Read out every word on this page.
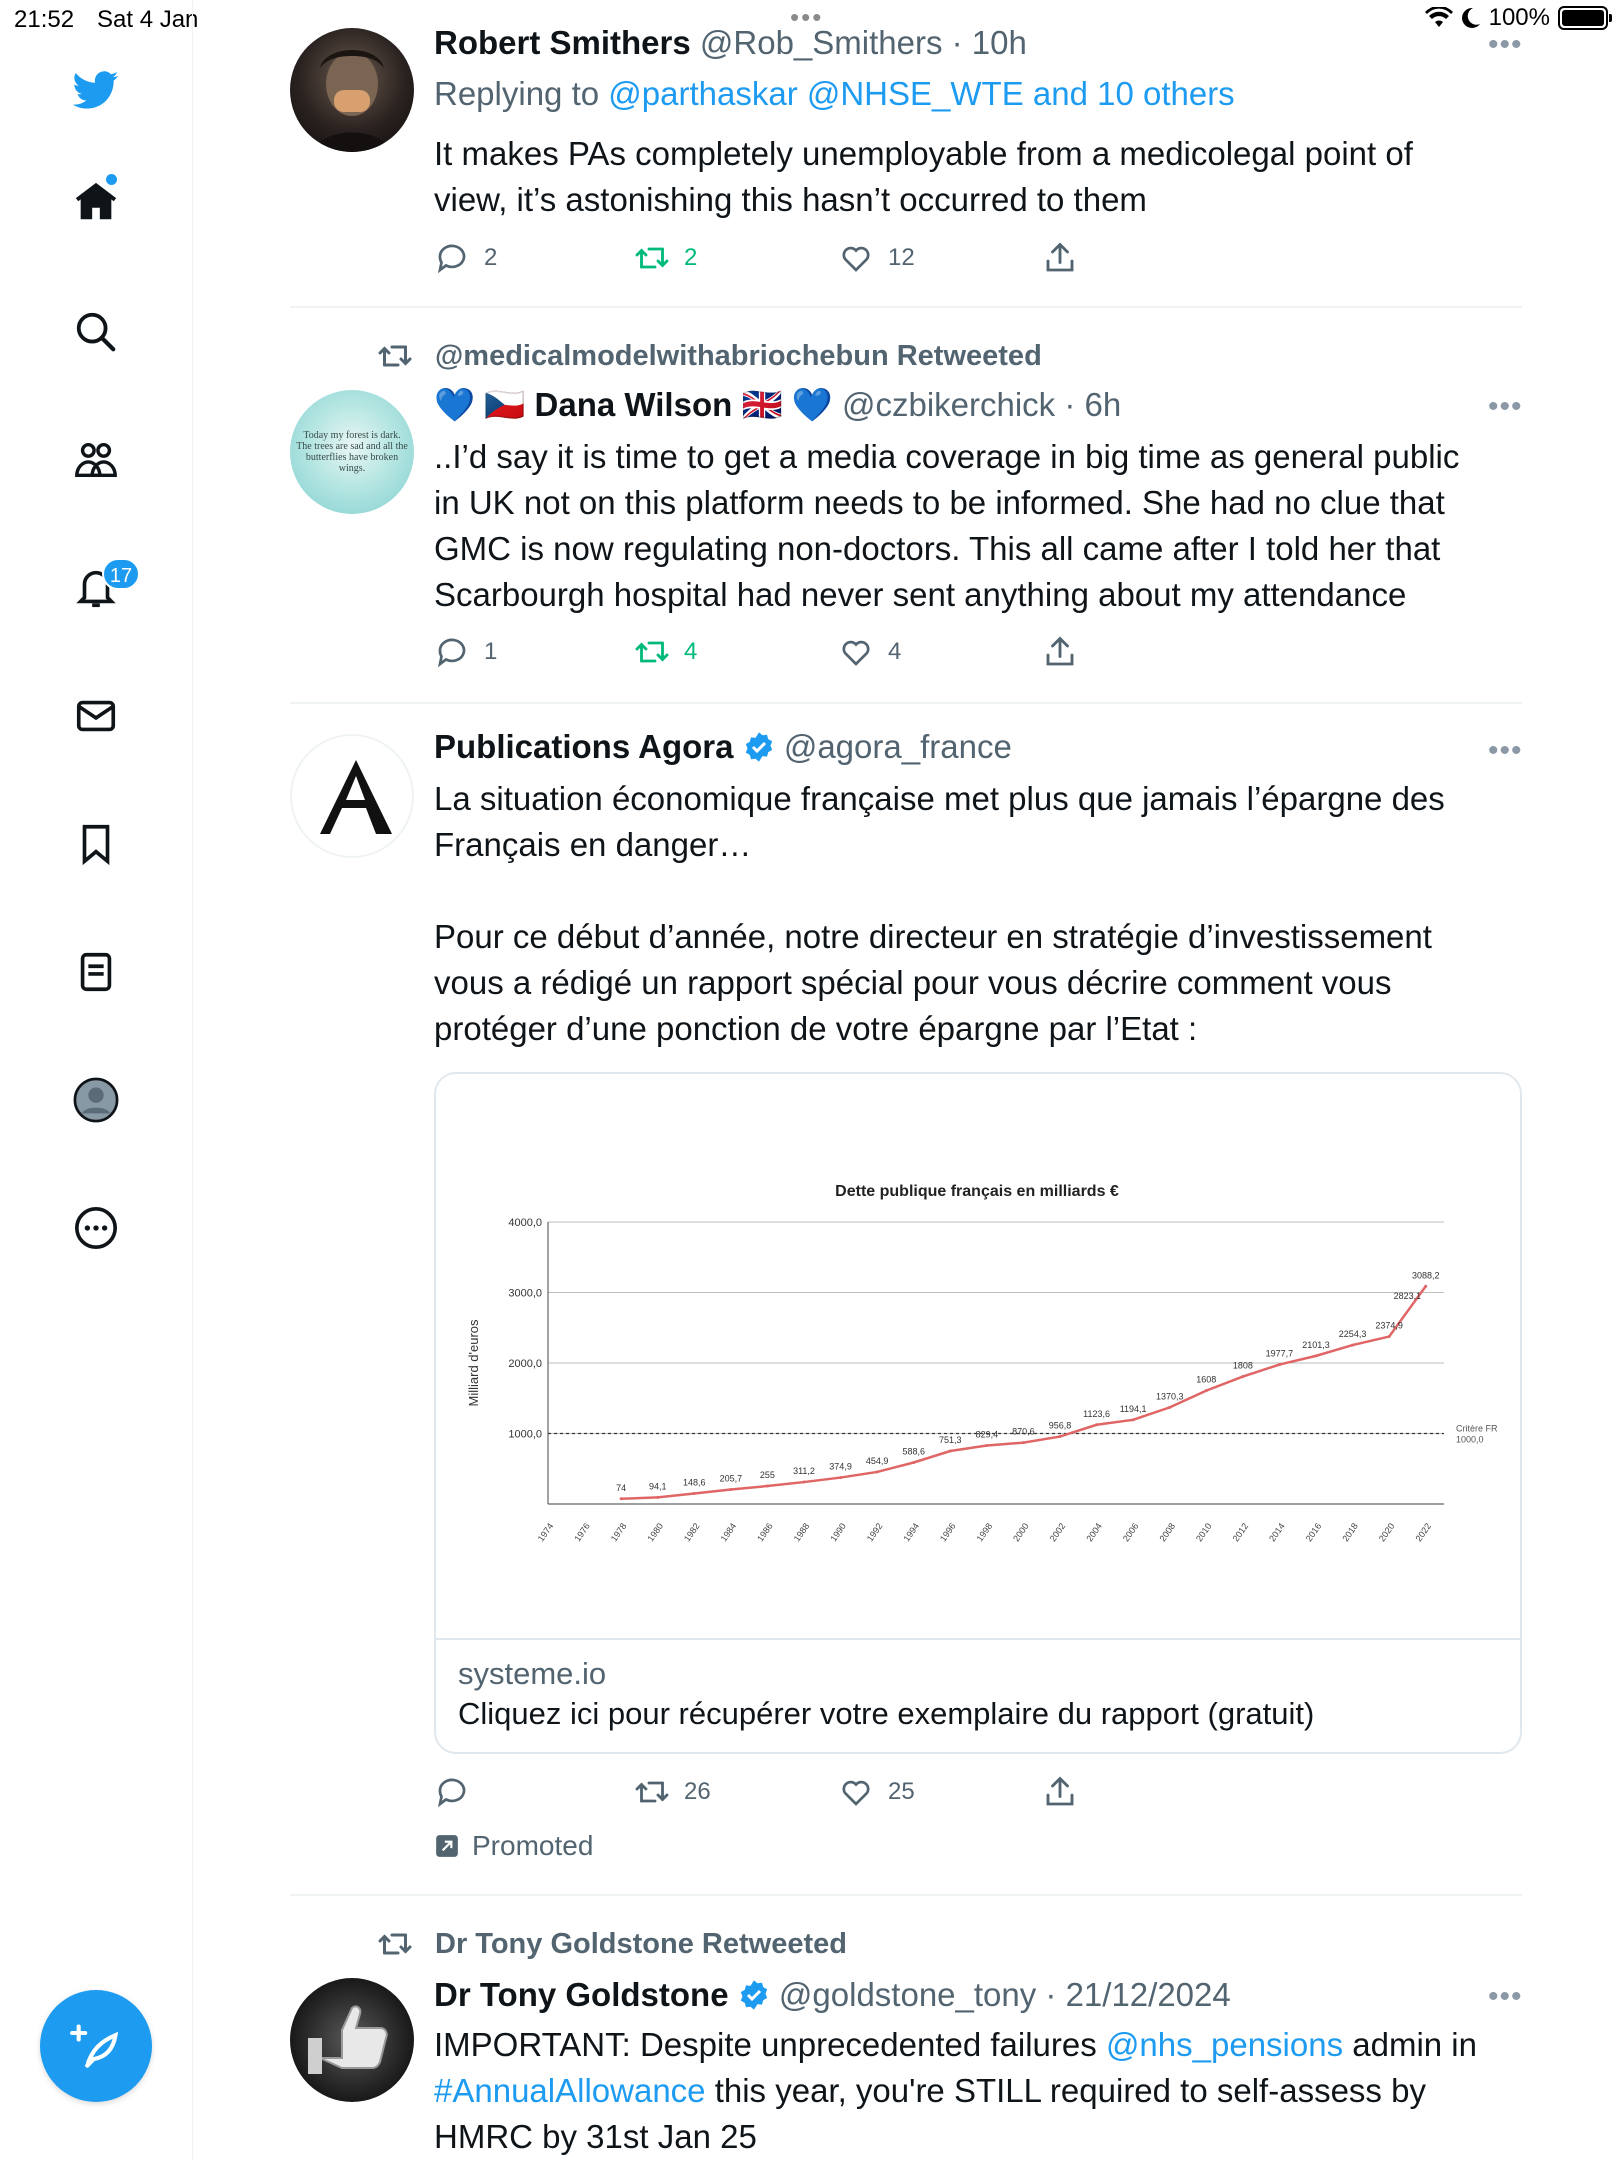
21:52 Sat 4 Jan	•••	100%
17
Robert Smithers @Rob_Smithers · 10h	•••
Replying to @parthaskar @NHSE_WTE and 10 others
It makes PAs completely unemployable from a medicolegal point of
view, it’s astonishing this hasn’t occurred to them
2	2	12
@medicalmodelwithabriochebun Retweeted
Today my forest is dark. The trees are sad and all the butterflies have broken wings.
💙 🇨🇿 Dana Wilson 🇬🇧 💙 @czbikerchick · 6h	•••
..I’d say it is time to get a media coverage in big time as general public
in UK not on this platform needs to be informed. She had no clue that
GMC is now regulating non-doctors. This all came after I told her that
Scarbourgh hospital had never sent anything about my attendance
1	4	4
Publications Agora @agora_france	•••
La situation économique française met plus que jamais l’épargne des
Français en danger…

Pour ce début d’année, notre directeur en stratégie d’investissement
vous a rédigé un rapport spécial pour vous décrire comment vous
protéger d’une ponction de votre épargne par l’Etat :
Dette publique français en milliards €
Milliard d'euros
4000,0
3000,0
2000,0
1000,0	Critère FR
1000,0
1974 1976 1978 1980 1982 1984 1986 1988 1990 1992 1994 1996 1998 2000 2002 2004 2006 2008 2010 2012 2014 2016 2018 2020 2022
74	94,1 148,6 205,7 255 311,2 374,9
454,9
588,6
751,3
829,4 870,6
956,8
1123,6 1194,1
1370,3
1608
1808
1977,7
2101,3
2254,3
2374,9
3088,2
2823,1
systeme.io
Cliquez ici pour récupérer votre exemplaire du rapport (gratuit)
26	25
Promoted
Dr Tony Goldstone Retweeted
Dr Tony Goldstone @goldstone_tony · 21/12/2024	•••
IMPORTANT: Despite unprecedented failures @nhs_pensions admin in
#AnnualAllowance this year, you're STILL required to self-assess by
HMRC by 31st Jan 25
